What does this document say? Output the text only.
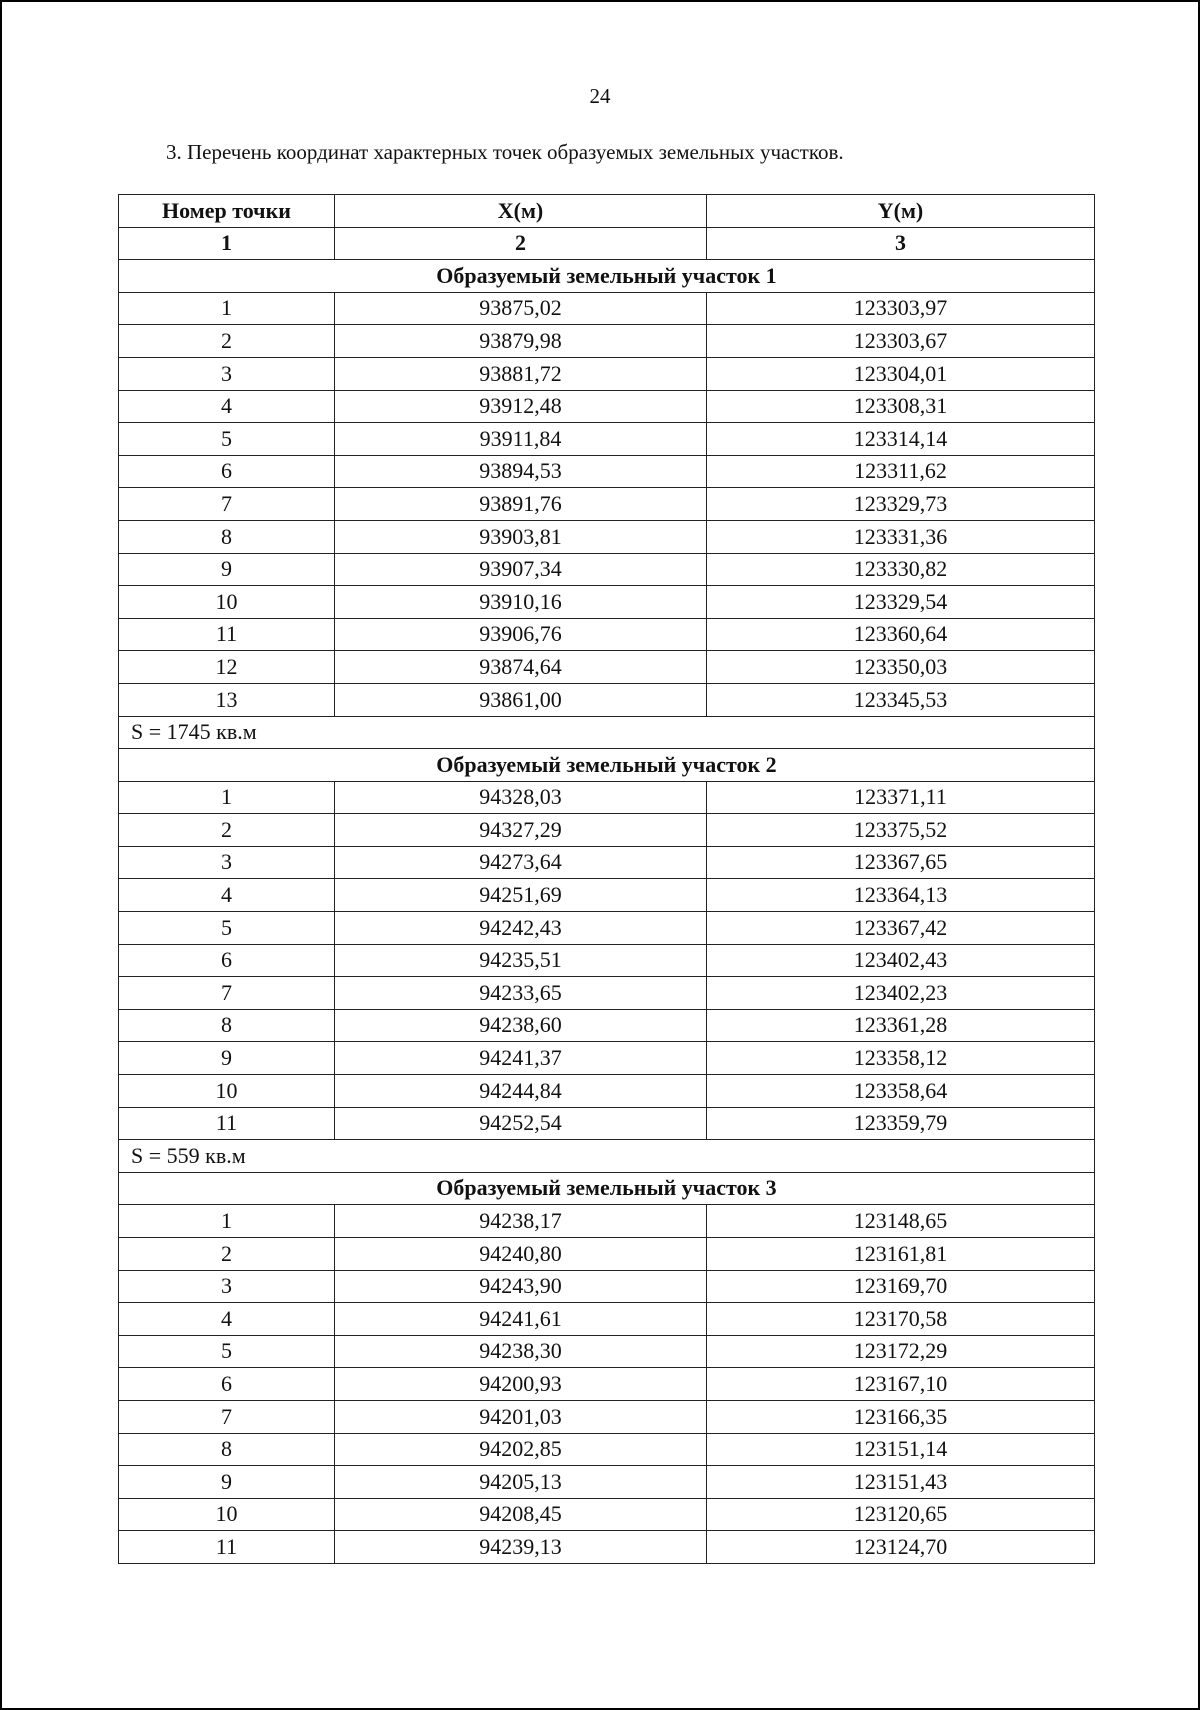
24
3. Перечень координат характерных точек образуемых земельных участков.
Номер точки	X(м)	Y(м)
1	2	3
Образуемый земельный участок 1		
1	93875,02	123303,97
2	93879,98	123303,67
3	93881,72	123304,01
4	93912,48	123308,31
5	93911,84	123314,14
6	93894,53	123311,62
7	93891,76	123329,73
8	93903,81	123331,36
9	93907,34	123330,82
10	93910,16	123329,54
11	93906,76	123360,64
12	93874,64	123350,03
13	93861,00	123345,53
S = 1745 кв.м		
Образуемый земельный участок 2		
1	94328,03	123371,11
2	94327,29	123375,52
3	94273,64	123367,65
4	94251,69	123364,13
5	94242,43	123367,42
6	94235,51	123402,43
7	94233,65	123402,23
8	94238,60	123361,28
9	94241,37	123358,12
10	94244,84	123358,64
11	94252,54	123359,79
S = 559 кв.м		
Образуемый земельный участок 3		
1	94238,17	123148,65
2	94240,80	123161,81
3	94243,90	123169,70
4	94241,61	123170,58
5	94238,30	123172,29
6	94200,93	123167,10
7	94201,03	123166,35
8	94202,85	123151,14
9	94205,13	123151,43
10	94208,45	123120,65
11	94239,13	123124,70
